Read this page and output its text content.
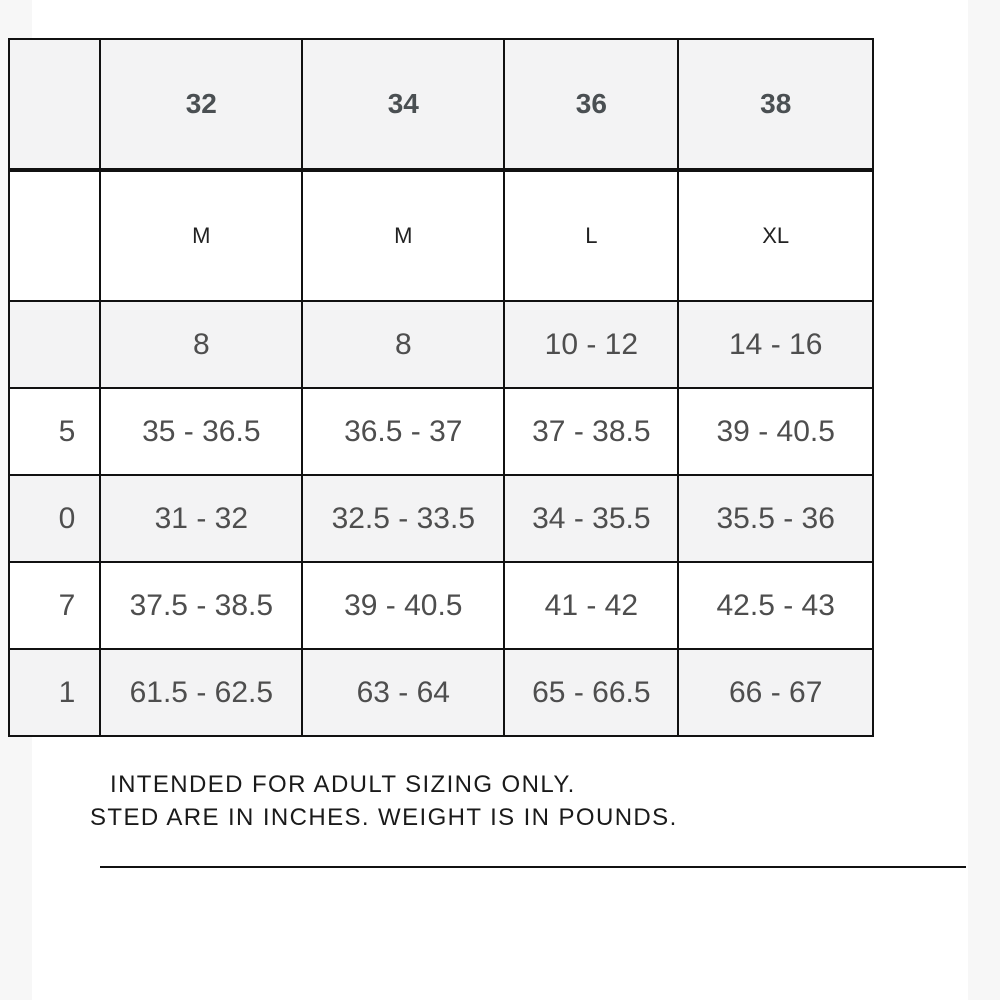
	32	34	36	38
	M	M	L	XL
	8	8	10 - 12	14 - 16
5	35 - 36.5	36.5 - 37	37 - 38.5	39 - 40.5
0	31 - 32	32.5 - 33.5	34 - 35.5	35.5 - 36
7	37.5 - 38.5	39 - 40.5	41 - 42	42.5 - 43
1	61.5 - 62.5	63 - 64	65 - 66.5	66 - 67
INTENDED FOR ADULT SIZING ONLY.
STED ARE IN INCHES. WEIGHT IS IN POUNDS.
